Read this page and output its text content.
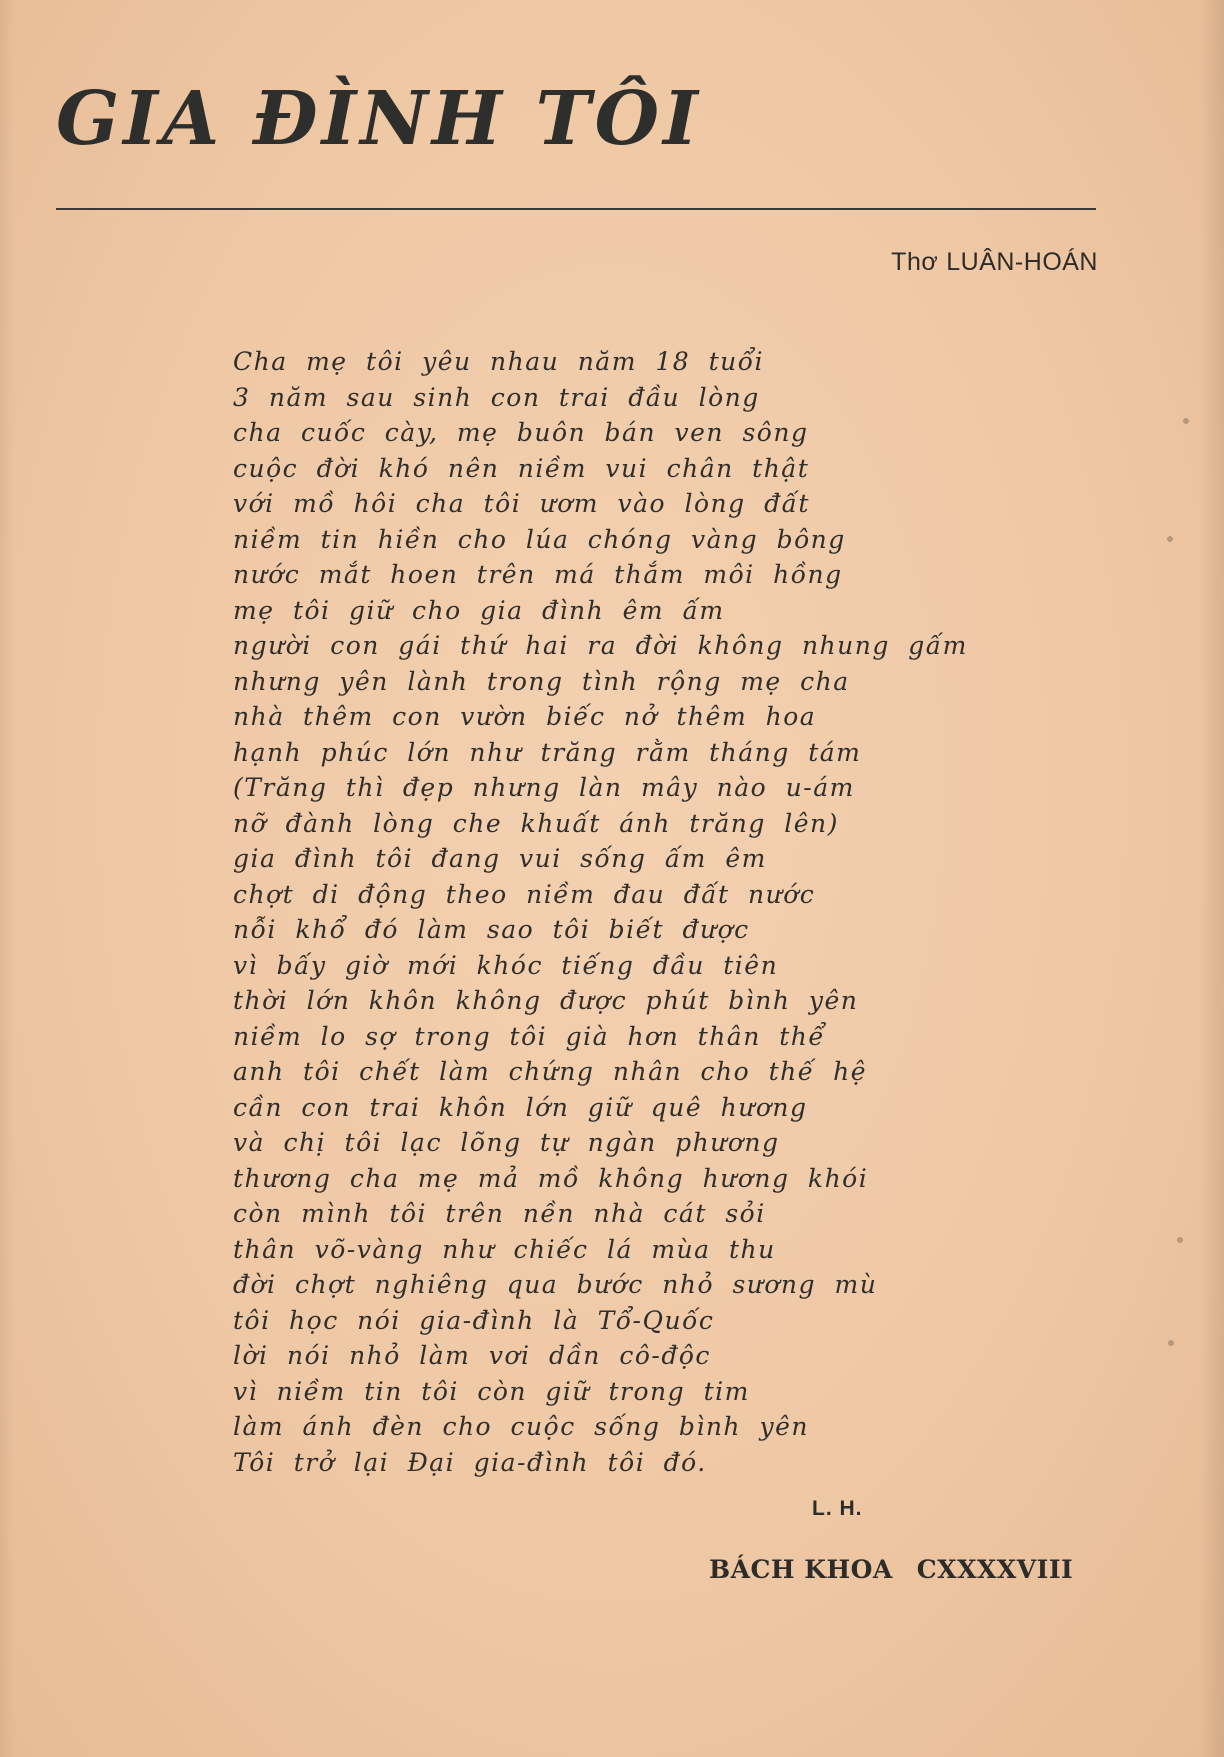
GIA ĐÌNH TÔI
Thơ LUÂN-HOÁN
Cha mẹ tôi yêu nhau năm 18 tuổi
3 năm sau sinh con trai đầu lòng
cha cuốc cày, mẹ buôn bán ven sông
cuộc đời khó nên niềm vui chân thật
với mồ hôi cha tôi ươm vào lòng đất
niềm tin hiền cho lúa chóng vàng bông
nước mắt hoen trên má thắm môi hồng
mẹ tôi giữ cho gia đình êm ấm
người con gái thứ hai ra đời không nhung gấm
nhưng yên lành trong tình rộng mẹ cha
nhà thêm con vườn biếc nở thêm hoa
hạnh phúc lớn như trăng rằm tháng tám
(Trăng thì đẹp nhưng làn mây nào u-ám
nỡ đành lòng che khuất ánh trăng lên)
gia đình tôi đang vui sống ấm êm
chợt di động theo niềm đau đất nước
nỗi khổ đó làm sao tôi biết được
vì bấy giờ mới khóc tiếng đầu tiên
thời lớn khôn không được phút bình yên
niềm lo sợ trong tôi già hơn thân thể
anh tôi chết làm chứng nhân cho thế hệ
cần con trai khôn lớn giữ quê hương
và chị tôi lạc lõng tự ngàn phương
thương cha mẹ mả mồ không hương khói
còn mình tôi trên nền nhà cát sỏi
thân võ-vàng như chiếc lá mùa thu
đời chợt nghiêng qua bước nhỏ sương mù
tôi học nói gia-đình là Tổ-Quốc
lời nói nhỏ làm vơi dần cô-độc
vì niềm tin tôi còn giữ trong tim
làm ánh đèn cho cuộc sống bình yên
Tôi trở lại Đại gia-đình tôi đó.
L. H.
BÁCH KHOA CXXXXVIII
